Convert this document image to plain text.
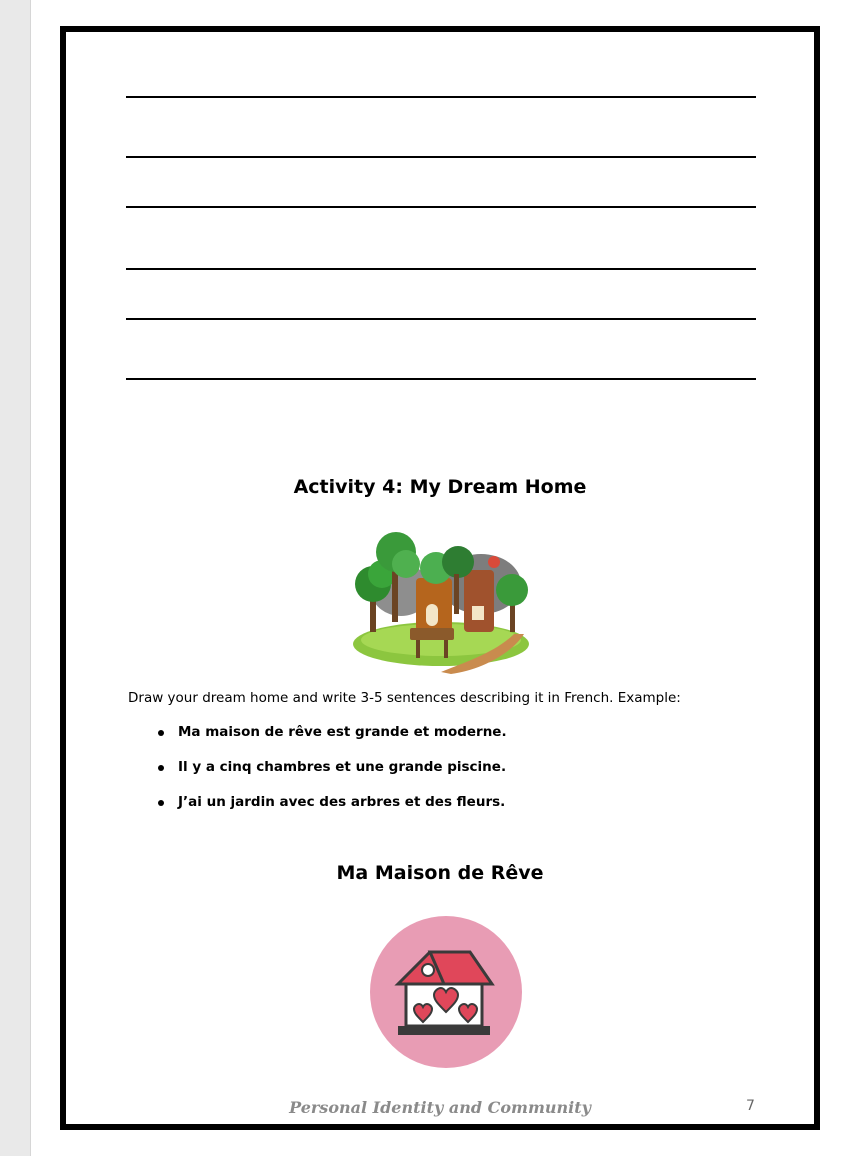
Activity 4: My Dream Home
Draw your dream home and write 3-5 sentences describing it in French. Example:
Ma maison de rêve est grande et moderne.
Il y a cinq chambres et une grande piscine.
J’ai un jardin avec des arbres et des fleurs.
Ma Maison de Rêve
Personal Identity and Community	7
